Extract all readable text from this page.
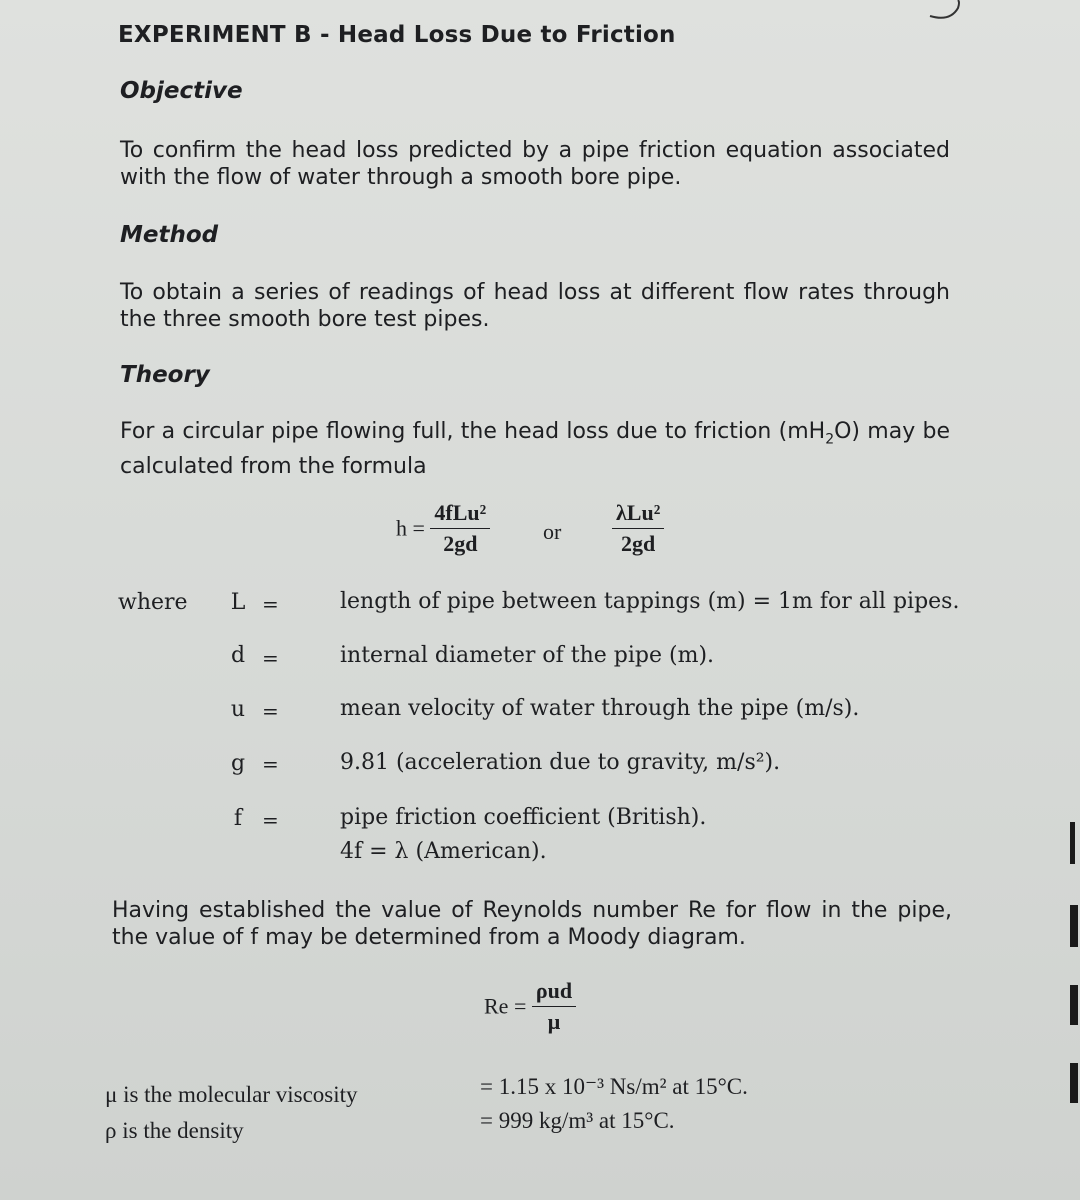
EXPERIMENT B - Head Loss Due to Friction
Objective
To confirm the head loss predicted by a pipe friction equation associated with the flow of water through a smooth bore pipe.
Method
To obtain a series of readings of head loss at different flow rates through the three smooth bore test pipes.
Theory
For a circular pipe flowing full, the head loss due to friction $(mH_2O)$ may be calculated from the formula
$h = \frac{\text{4fLu²}}{2gd}$ or $\frac{\text{λLu²}}{2gd}$
where L =	length of pipe between tappings (m) = 1m for all pipes.
d =	internal diameter of the pipe (m).
u =	mean velocity of water through the pipe (m/s).
g =	9.81 (acceleration due to gravity, m/s²).
f =	pipe friction coefficient (British).
4f = λ (American).
Having established the value of Reynolds number Re for flow in the pipe, the value of f may be determined from a Moody diagram.
$Re = \frac{\text{ρud}}{\mu}$
μ is the molecular viscosity	= 1.15 x 10⁻³ Ns/m² at 15°C.
ρ is the density	= 999 kg/m³ at 15°C.
